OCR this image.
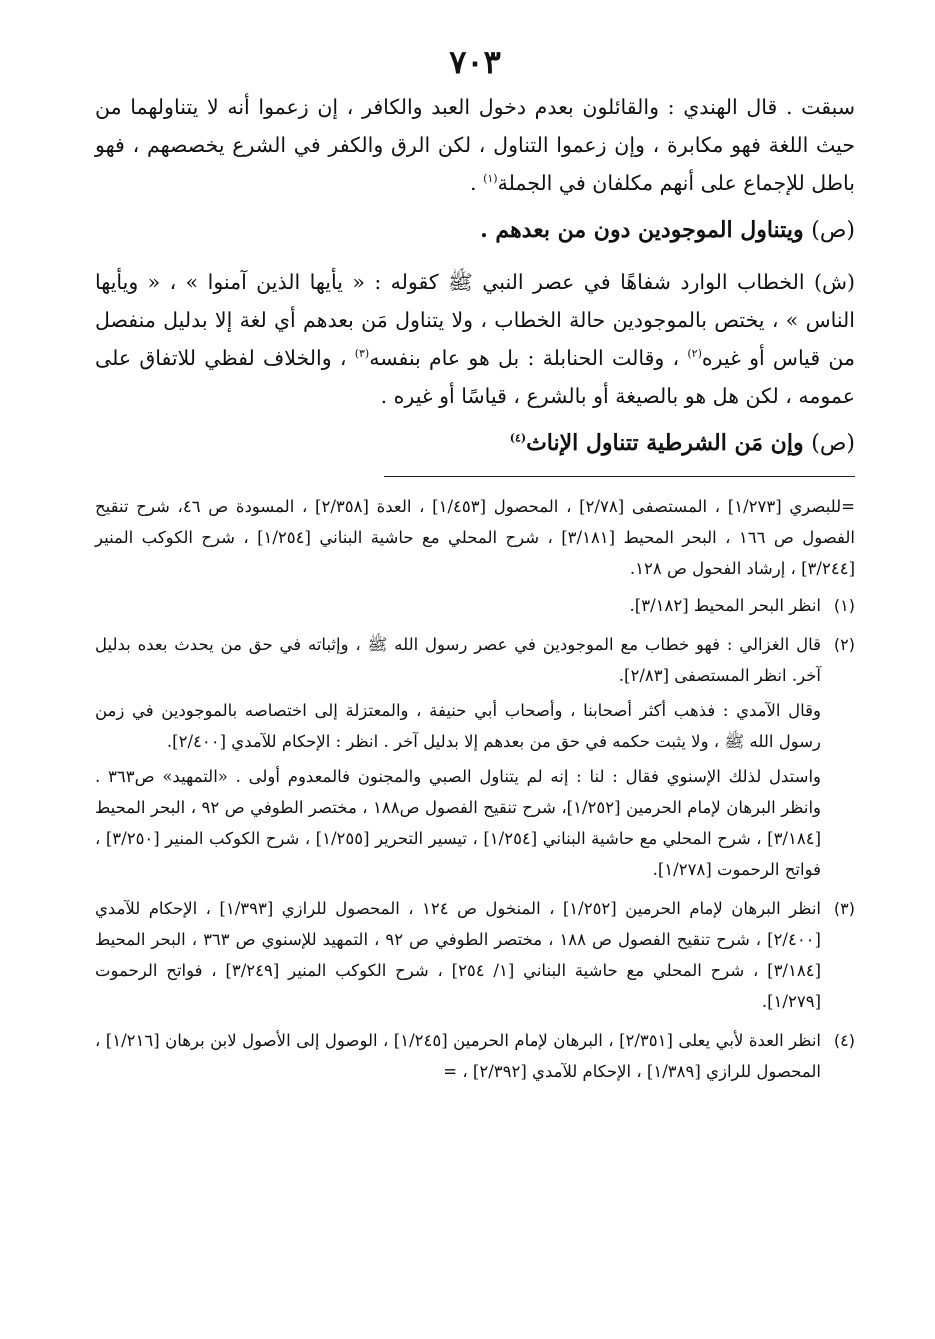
٧٠٣

سبقت . قال الهندي : والقائلون بعدم دخول العبد والكافر ، إن زعموا أنه لا يتناولهما من حيث اللغة فهو مكابرة ، وإن زعموا التناول ، لكن الرق والكفر في الشرع يخصصهم ، فهو باطل للإجماع على أنهم مكلفان في الجملة$^{(١)}$ .

(ص) ويتناول الموجودين دون من بعدهم .

(ش) الخطاب الوارد شفاهًا في عصر النبي ﷺ كقوله : « يأيها الذين آمنوا » ، « ويأيها الناس » ، يختص بالموجودين حالة الخطاب ، ولا يتناول مَن بعدهم أي لغة إلا بدليل منفصل من قياس أو غيره$^{(٢)}$ ، وقالت الحنابلة : بل هو عام بنفسه$^{(٣)}$ ، والخلاف لفظي للاتفاق على عمومه ، لكن هل هو بالصيغة أو بالشرع ، قياسًا أو غيره .

(ص) وإن مَن الشرطية تتناول الإناث$^{(٤)}$

=للبصري [١/٢٧٣] ، المستصفى [٢/٧٨] ، المحصول [١/٤٥٣] ، العدة [٢/٣٥٨] ، المسودة ص ٤٦، شرح تنقيح الفصول ص ١٦٦ ، البحر المحيط [٣/١٨١] ، شرح المحلي مع حاشية البناني [١/٢٥٤] ، شرح الكوكب المنير [٣/٢٤٤] ، إرشاد الفحول ص ١٢٨.

(١)

انظر البحر المحيط [٣/١٨٢].

(٢)

قال الغزالي : فهو خطاب مع الموجودين في عصر رسول الله ﷺ ، وإثباته في حق من يحدث بعده بدليل آخر. انظر المستصفى [٢/٨٣].

وقال الآمدي : فذهب أكثر أصحابنا ، وأصحاب أبي حنيفة ، والمعتزلة إلى اختصاصه بالموجودين في زمن رسول الله ﷺ ، ولا يثبت حكمه في حق من بعدهم إلا بدليل آخر . انظر : الإحكام للآمدي [٢/٤٠٠].

واستدل لذلك الإسنوي فقال : لنا : إنه لم يتناول الصبي والمجنون فالمعدوم أولى . «التمهيد» ص٣٦٣ . وانظر البرهان لإمام الحرمين [١/٢٥٢]، شرح تنقيح الفصول ص١٨٨ ، مختصر الطوفي ص ٩٢ ، البحر المحيط [٣/١٨٤] ، شرح المحلي مع حاشية البناني [١/٢٥٤] ، تيسير التحرير [١/٢٥٥] ، شرح الكوكب المنير [٣/٢٥٠] ، فواتح الرحموت [١/٢٧٨].

(٣)

انظر البرهان لإمام الحرمين [١/٢٥٢] ، المنخول ص ١٢٤ ، المحصول للرازي [١/٣٩٣] ، الإحكام للآمدي [٢/٤٠٠] ، شرح تنقيح الفصول ص ١٨٨ ، مختصر الطوفي ص ٩٢ ، التمهيد للإسنوي ص ٣٦٣ ، البحر المحيط [٣/١٨٤] ، شرح المحلي مع حاشية البناني [١/ ٢٥٤] ، شرح الكوكب المنير [٣/٢٤٩] ، فواتح الرحموت [١/٢٧٩].

(٤)

انظر العدة لأبي يعلى [٢/٣٥١] ، البرهان لإمام الحرمين [١/٢٤٥] ، الوصول إلى الأصول لابن برهان [١/٢١٦] ، المحصول للرازي [١/٣٨٩] ، الإحكام للآمدي [٢/٣٩٢] ، =
